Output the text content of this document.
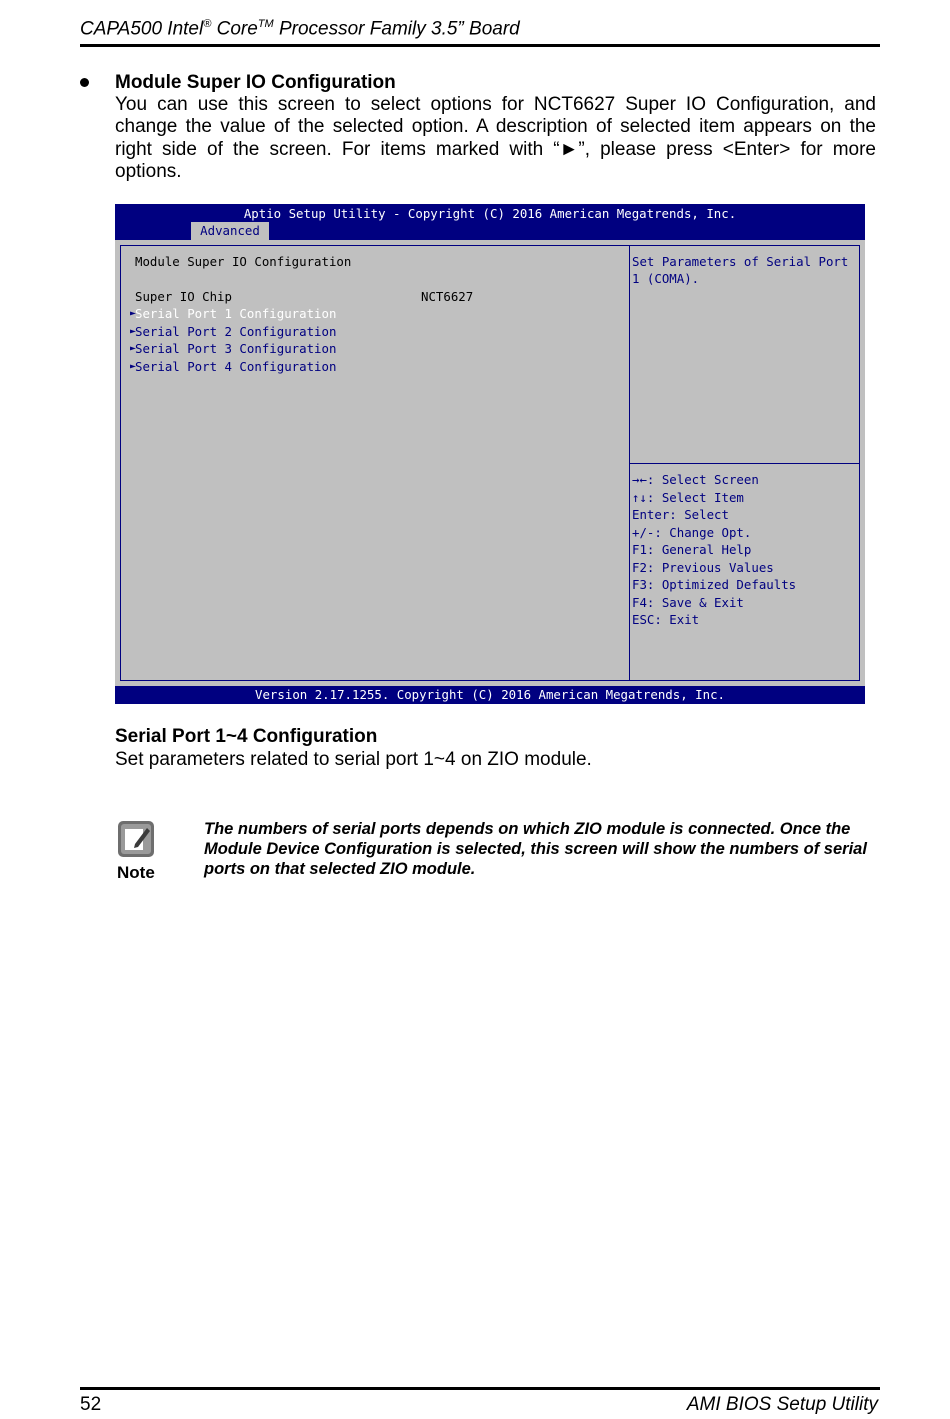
CAPA500 Intel® Core™ Processor Family 3.5” Board
Module Super IO Configuration
You can use this screen to select options for NCT6627 Super IO Configuration, and change the value of the selected option. A description of selected item appears on the right side of the screen. For items marked with “►”, please press <Enter> for more options.
Aptio Setup Utility - Copyright (C) 2016 American Megatrends, Inc.
Advanced
Module Super IO Configuration
Super IO Chip	NCT6627
►
Serial Port 1 Configuration
►
Serial Port 2 Configuration
►
Serial Port 3 Configuration
►
Serial Port 4 Configuration
Set Parameters of Serial Port
1 (COMA).
→←: Select Screen
↑↓: Select Item
Enter: Select
+/-: Change Opt.
F1: General Help
F2: Previous Values
F3: Optimized Defaults
F4: Save & Exit
ESC: Exit
Version 2.17.1255. Copyright (C) 2016 American Megatrends, Inc.
Serial Port 1~4 Configuration
Set parameters related to serial port 1~4 on ZIO module.
Note
The numbers of serial ports depends on which ZIO module is connected. Once the Module Device Configuration is selected, this screen will show the numbers of serial ports on that selected ZIO module.
52	AMI BIOS Setup Utility
